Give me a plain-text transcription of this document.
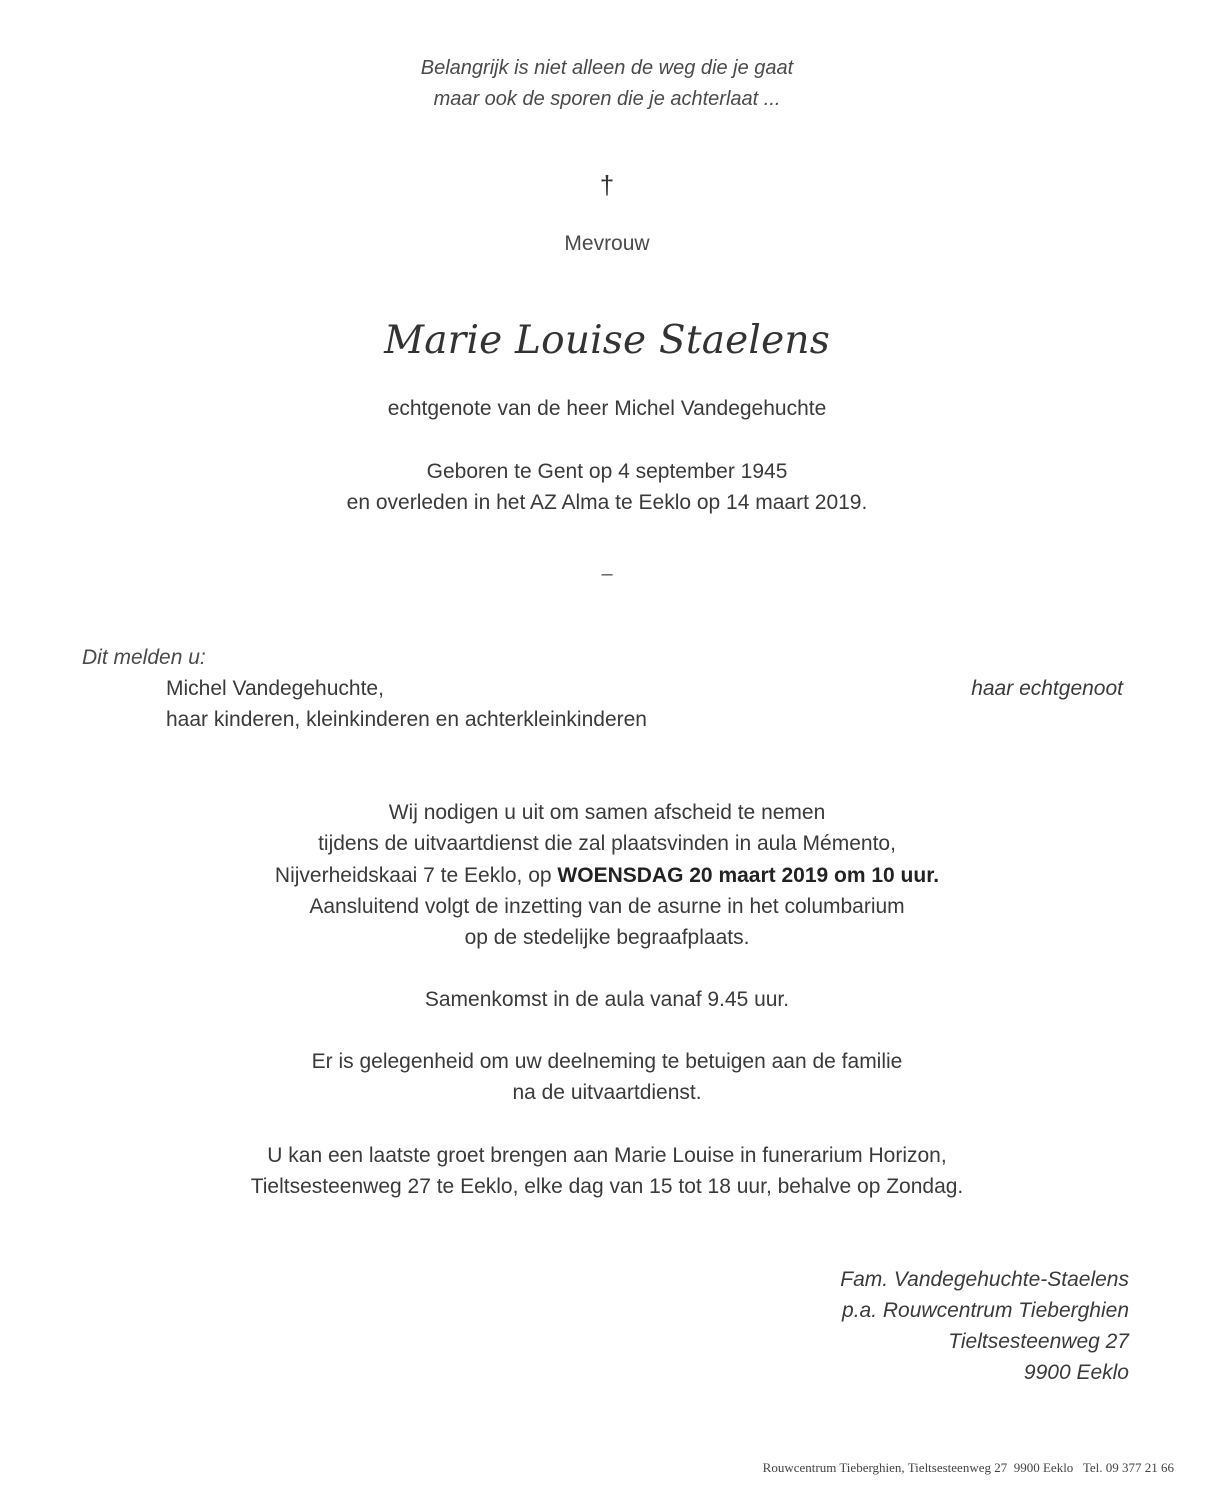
Belangrijk is niet alleen de weg die je gaat
maar ook de sporen die je achterlaat ...
†
Mevrouw
Marie Louise Staelens
echtgenote van de heer Michel Vandegehuchte
Geboren te Gent op 4 september 1945
en overleden in het AZ Alma te Eeklo op 14 maart 2019.
–
Dit melden u:
Michel Vandegehuchte,	haar echtgenoot
haar kinderen, kleinkinderen en achterkleinkinderen
Wij nodigen u uit om samen afscheid te nemen
tijdens de uitvaartdienst die zal plaatsvinden in aula Mémento,
Nijverheidskaai 7 te Eeklo, op WOENSDAG 20 maart 2019 om 10 uur.
Aansluitend volgt de inzetting van de asurne in het columbarium
op de stedelijke begraafplaats.
Samenkomst in de aula vanaf 9.45 uur.
Er is gelegenheid om uw deelneming te betuigen aan de familie
na de uitvaartdienst.
U kan een laatste groet brengen aan Marie Louise in funerarium Horizon,
Tieltsesteenweg 27 te Eeklo, elke dag van 15 tot 18 uur, behalve op Zondag.
Fam. Vandegehuchte-Staelens
p.a. Rouwcentrum Tieberghien
Tieltsesteenweg 27
9900 Eeklo
Rouwcentrum Tieberghien, Tieltsesteenweg 27  9900 Eeklo   Tel. 09 377 21 66
